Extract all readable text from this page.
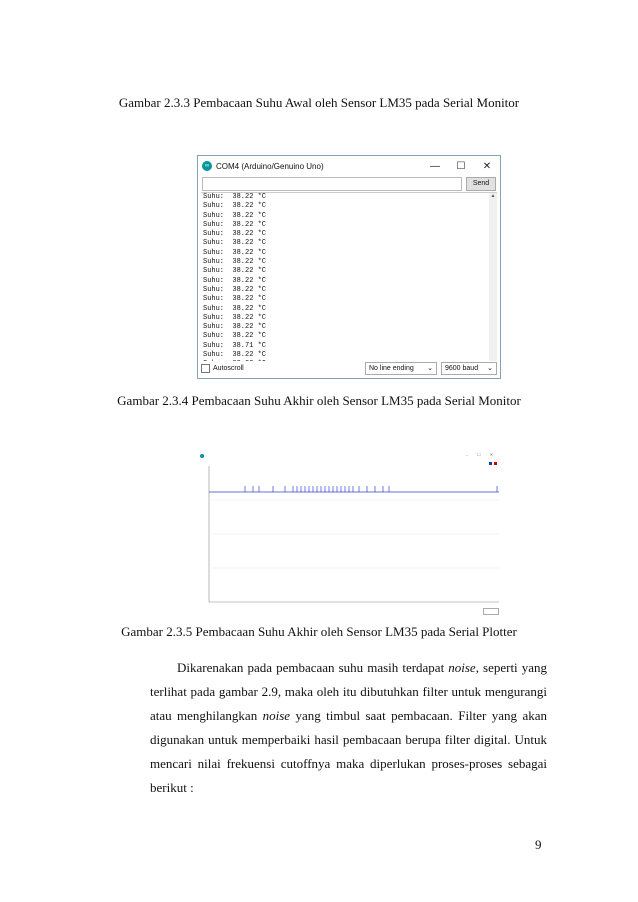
Gambar 2.3.3 Pembacaan Suhu Awal oleh Sensor LM35 pada Serial Monitor
∞ COM4 (Arduino/Genuino Uno)	—	☐	✕
Send
▲
Suhu:  38.22 *C
Suhu:  38.22 *C
Suhu:  38.22 *C
Suhu:  38.22 *C
Suhu:  38.22 *C
Suhu:  38.22 *C
Suhu:  38.22 *C
Suhu:  38.22 *C
Suhu:  38.22 *C
Suhu:  38.22 *C
Suhu:  38.22 *C
Suhu:  38.22 *C
Suhu:  38.22 *C
Suhu:  38.22 *C
Suhu:  38.22 *C
Suhu:  38.22 *C
Suhu:  38.71 *C
Suhu:  38.22 *C
Autoscroll	No line ending ⌄ 9600 baud ⌄
Gambar 2.3.4 Pembacaan Suhu Akhir oleh Sensor LM35 pada Serial Monitor
– ☐ ✕
Gambar 2.3.5 Pembacaan Suhu Akhir oleh Sensor LM35 pada Serial Plotter

Dikarenakan pada pembacaan suhu masih terdapat noise, seperti yang terlihat pada gambar 2.9, maka oleh itu dibutuhkan filter untuk mengurangi atau menghilangkan noise yang timbul saat pembacaan. Filter yang akan digunakan untuk memperbaiki hasil pembacaan berupa filter digital. Untuk mencari nilai frekuensi cutoffnya maka diperlukan proses-proses sebagai berikut :

9
